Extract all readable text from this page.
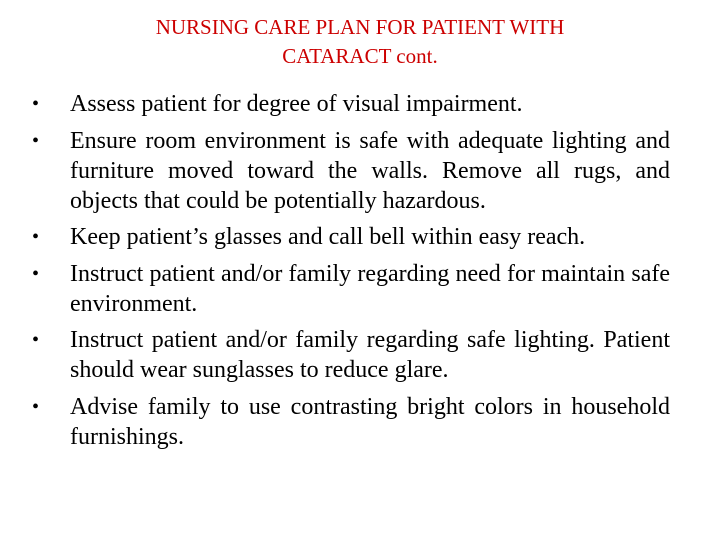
NURSING CARE PLAN FOR PATIENT WITH
CATARACT cont.
• Assess patient for degree of visual impairment.
• Ensure room environment is safe with adequate lighting and furniture moved toward the walls. Remove all rugs, and objects that could be potentially hazardous.
• Keep patient’s glasses and call bell within easy reach.
• Instruct patient and/or family regarding need for maintain safe environment.
• Instruct patient and/or family regarding safe lighting. Patient should wear sunglasses to reduce glare.
• Advise family to use contrasting bright colors in household furnishings.
